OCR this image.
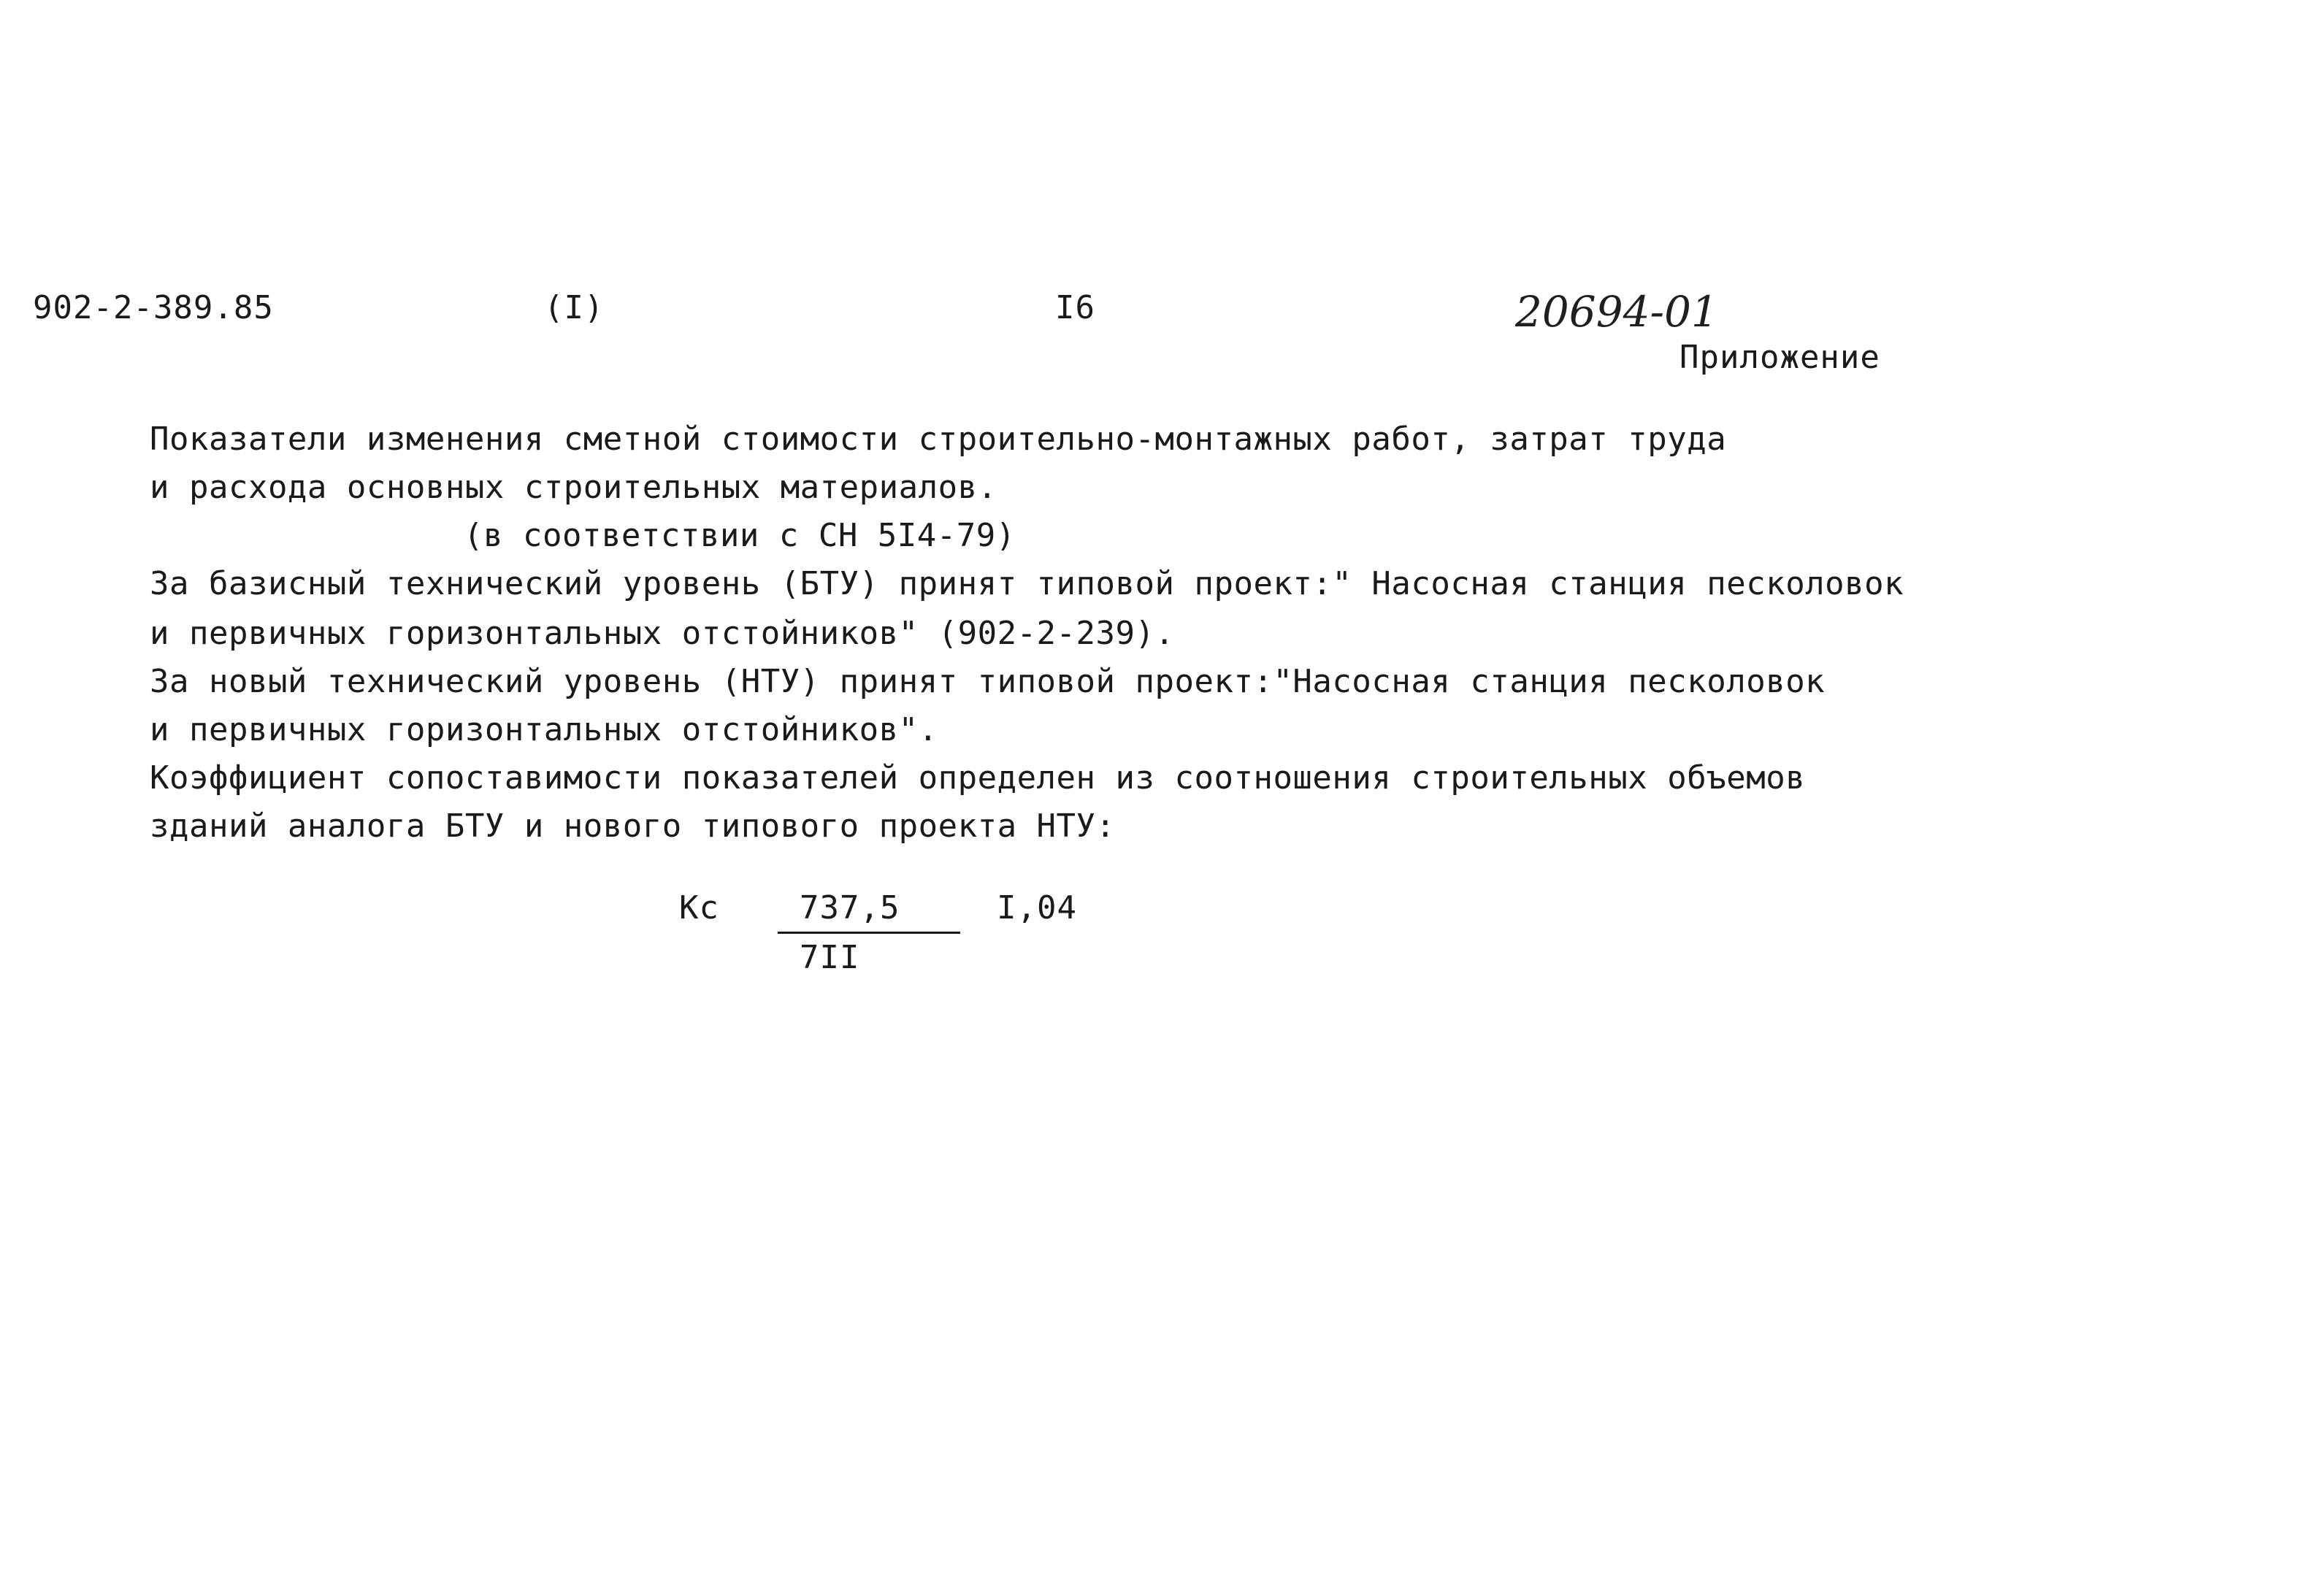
902-2-389.85	(I)	I6	20694-01
Приложение
Показатели изменения сметной стоимости строительно-монтажных работ, затрат труда
и расхода основных строительных материалов.
(в соответствии с СН 5I4-79)
За базисный технический уровень (БТУ) принят типовой проект:" Насосная станция песколовок
и первичных горизонтальных отстойников" (902-2-239).
За новый технический уровень (НТУ) принят типовой проект:"Насосная станция песколовок
и первичных горизонтальных отстойников".
Коэффициент сопоставимости показателей определен из соотношения строительных объемов
зданий аналога БТУ и нового типового проекта НТУ:
Кс	737,5
7II
I,04
